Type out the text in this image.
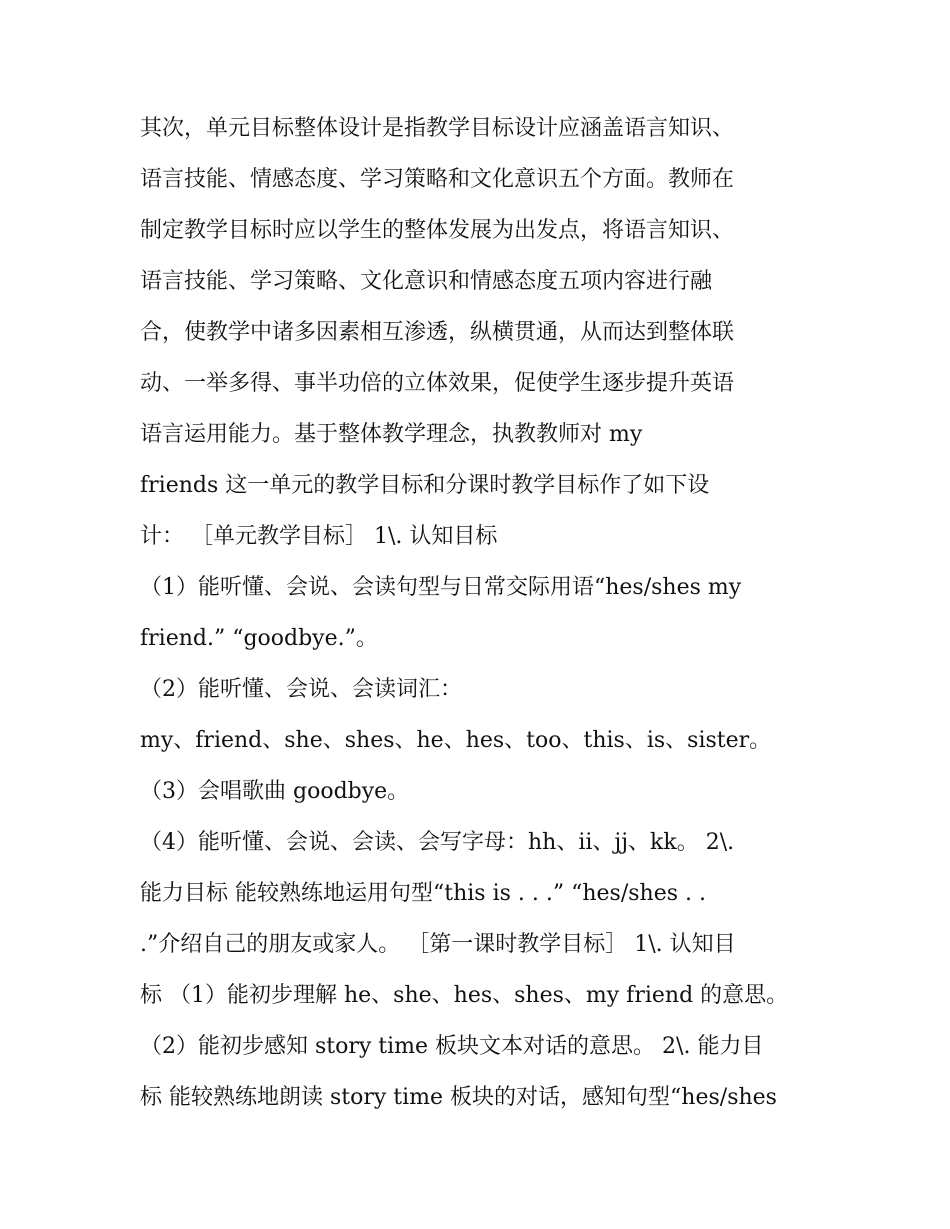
其次，单元目标整体设计是指教学目标设计应涵盖语言知识、
语言技能、情感态度、学习策略和文化意识五个方面。教师在
制定教学目标时应以学生的整体发展为出发点，将语言知识、
语言技能、学习策略、文化意识和情感态度五项内容进行融
合，使教学中诸多因素相互渗透，纵横贯通，从而达到整体联
动、一举多得、事半功倍的立体效果，促使学生逐步提升英语
语言运用能力。基于整体教学理念，执教教师对 my
friends 这一单元的教学目标和分课时教学目标作了如下设
计： ［单元教学目标］ 1\. 认知目标
（1）能听懂、会说、会读句型与日常交际用语“hes/shes my
friend.” “goodbye.”。
（2）能听懂、会说、会读词汇：
my、friend、she、shes、he、hes、too、this、is、sister。
（3）会唱歌曲 goodbye。
（4）能听懂、会说、会读、会写字母：hh、ii、jj、kk。 2\.
能力目标 能较熟练地运用句型“this is . . .” “hes/shes . .
.”介绍自己的朋友或家人。 ［第一课时教学目标］ 1\. 认知目
标 （1）能初步理解 he、she、hes、shes、my friend 的意思。
（2）能初步感知 story time 板块文本对话的意思。 2\. 能力目
标 能较熟练地朗读 story time 板块的对话，感知句型“hes/shes
